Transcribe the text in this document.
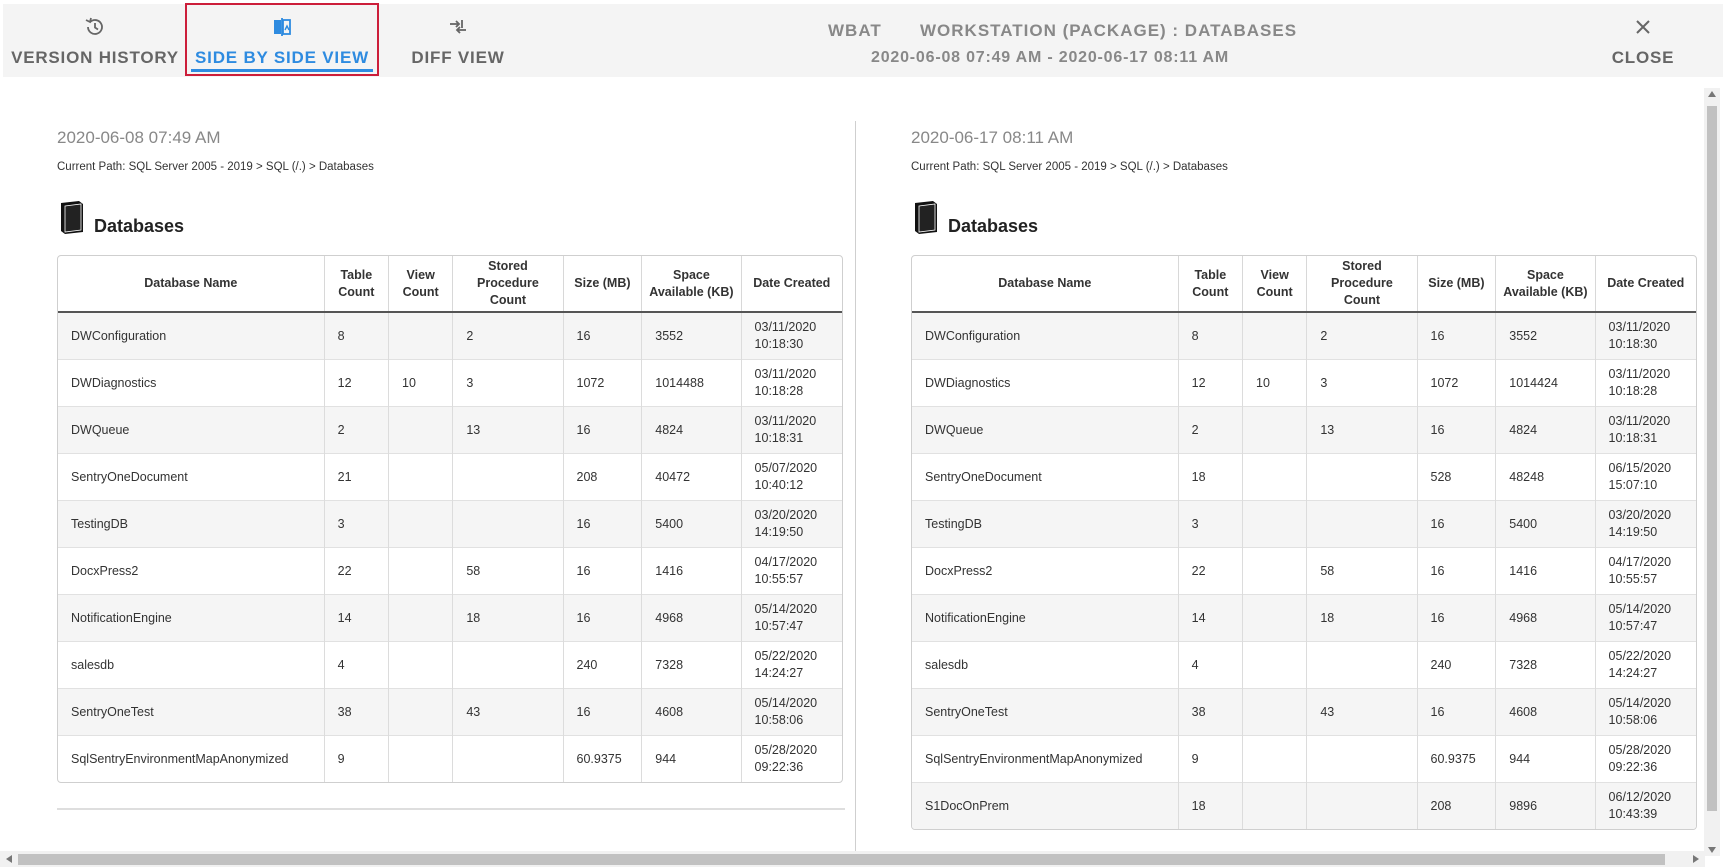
VERSION HISTORY SIDE BY SIDE VIEW	DIFF VIEW
WBAT WORKSTATION (PACKAGE) : DATABASES
2020-06-08 07:49 AM - 2020-06-17 08:11 AM	CLOSE
2020-06-08 07:49 AM
Current Path: SQL Server 2005 - 2019 > SQL (/.) > Databases
Databases
Database Name	Table Count	View Count	Stored Procedure Count	Size (MB)	Space Available (KB)	Date Created
DWConfiguration	8		2	16	3552	03/11/2020
10:18:30
DWDiagnostics	12	10	3	1072	1014488	03/11/2020
10:18:28
DWQueue	2		13	16	4824	03/11/2020
10:18:31
SentryOneDocument	21			208	40472	05/07/2020
10:40:12
TestingDB	3			16	5400	03/20/2020
14:19:50
DocxPress2	22		58	16	1416	04/17/2020
10:55:57
NotificationEngine	14		18	16	4968	05/14/2020
10:57:47
salesdb	4			240	7328	05/22/2020
14:24:27
SentryOneTest	38		43	16	4608	05/14/2020
10:58:06
SqlSentryEnvironmentMapAnonymized	9			60.9375	944	05/28/2020
09:22:36
2020-06-17 08:11 AM
Current Path: SQL Server 2005 - 2019 > SQL (/.) > Databases
Databases
Database Name	Table Count	View Count	Stored Procedure Count	Size (MB)	Space Available (KB)	Date Created
DWConfiguration	8		2	16	3552	03/11/2020
10:18:30
DWDiagnostics	12	10	3	1072	1014424	03/11/2020
10:18:28
DWQueue	2		13	16	4824	03/11/2020
10:18:31
SentryOneDocument	18			528	48248	06/15/2020
15:07:10
TestingDB	3			16	5400	03/20/2020
14:19:50
DocxPress2	22		58	16	1416	04/17/2020
10:55:57
NotificationEngine	14		18	16	4968	05/14/2020
10:57:47
salesdb	4			240	7328	05/22/2020
14:24:27
SentryOneTest	38		43	16	4608	05/14/2020
10:58:06
SqlSentryEnvironmentMapAnonymized	9			60.9375	944	05/28/2020
09:22:36
S1DocOnPrem	18			208	9896	06/12/2020
10:43:39
